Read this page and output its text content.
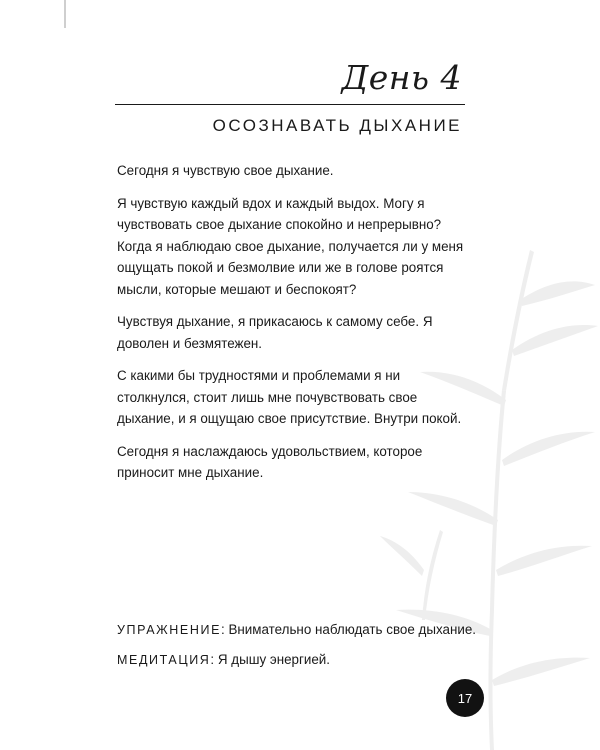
День 4
ОСОЗНАВАТЬ ДЫХАНИЕ

Сегодня я чувствую свое дыхание.

Я чувствую каждый вдох и каждый выдох. Могу я чувствовать свое дыхание спокойно и непрерывно? Когда я наблюдаю свое дыхание, получается ли у меня ощущать покой и безмолвие или же в голове роятся мысли, которые мешают и беспокоят?

Чувствуя дыхание, я прикасаюсь к самому себе. Я доволен и безмятежен.

С какими бы трудностями и проблемами я ни столкнулся, стоит лишь мне почувствовать свое дыхание, и я ощущаю свое присутствие. Внутри покой.

Сегодня я наслаждаюсь удовольствием, которое приносит мне дыхание.

УПРАЖНЕНИЕ: Внимательно наблюдать свое дыхание.
МЕДИТАЦИЯ: Я дышу энергией.
17
